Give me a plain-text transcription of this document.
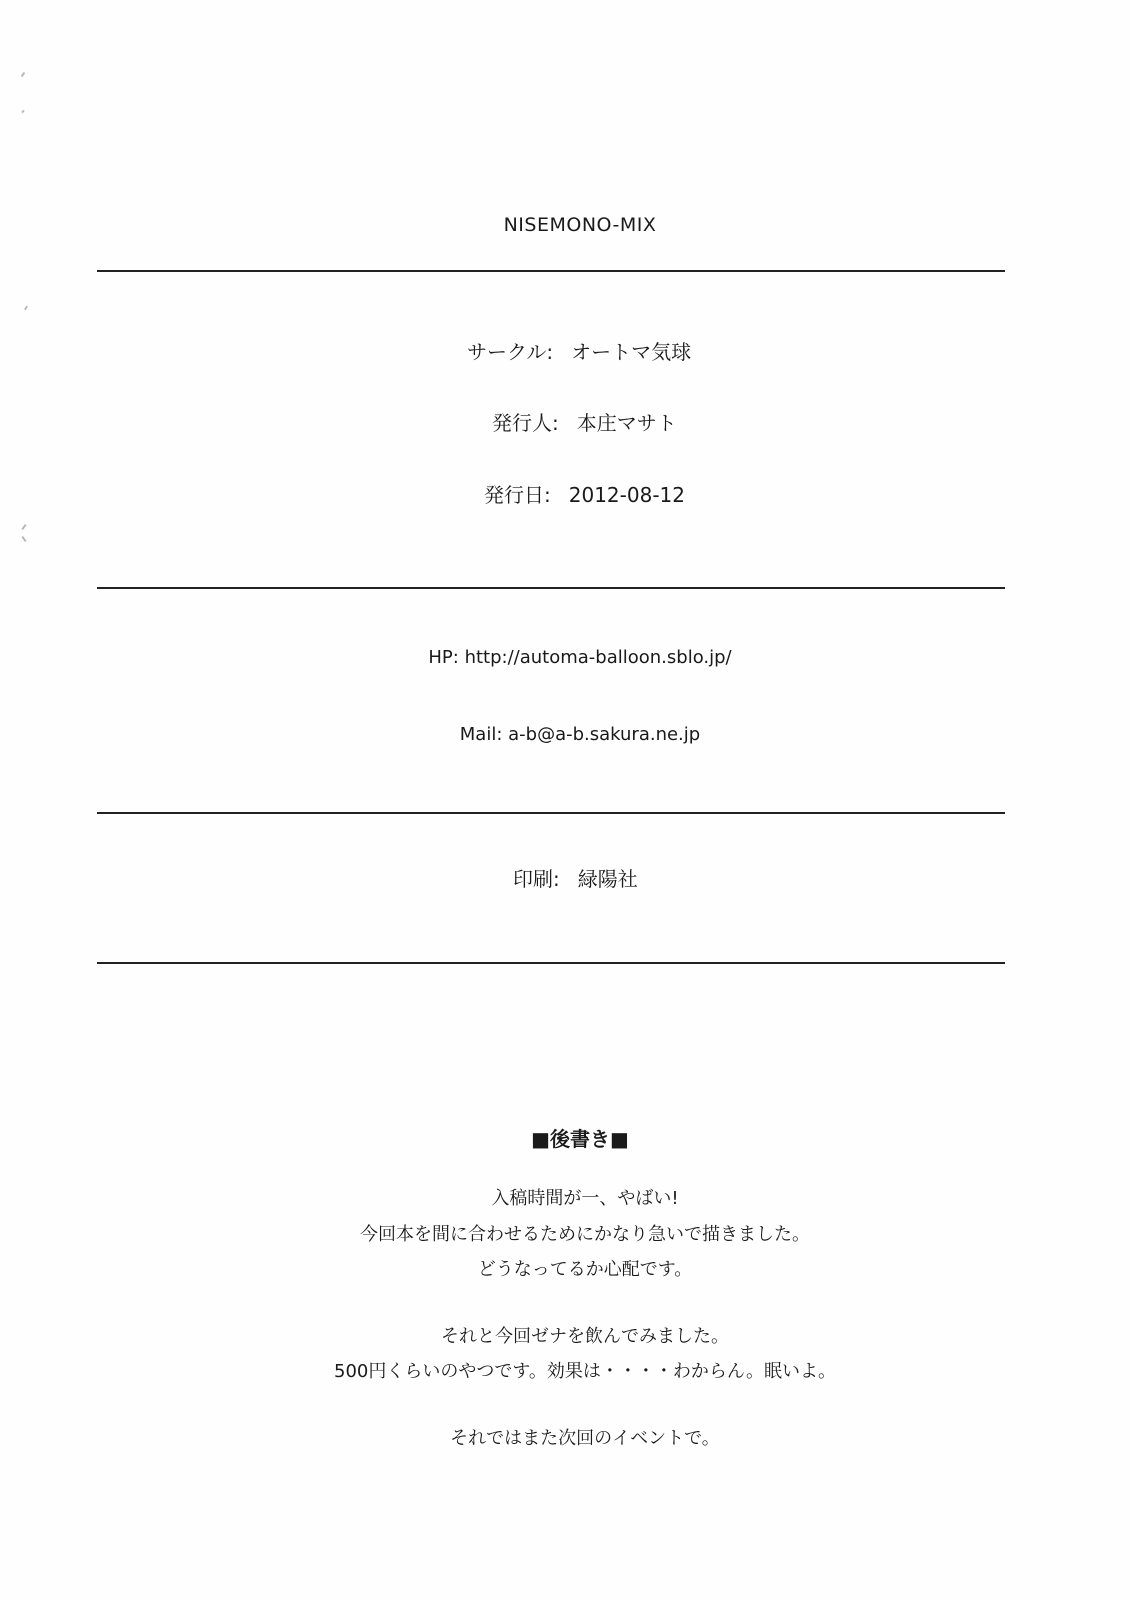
NISEMONO-MIX
サークル: オートマ気球
発行人: 本庄マサト
発行日: 2012-08-12
HP: http://automa-balloon.sblo.jp/
Mail: a-b@a-b.sakura.ne.jp
印刷: 緑陽社
■後書き■
入稿時間が一、やばい!
今回本を間に合わせるためにかなり急いで描きました。
どうなってるか心配です。
それと今回ゼナを飲んでみました。
500円くらいのやつです。効果は・・・・わからん。眠いよ。
それではまた次回のイベントで。
